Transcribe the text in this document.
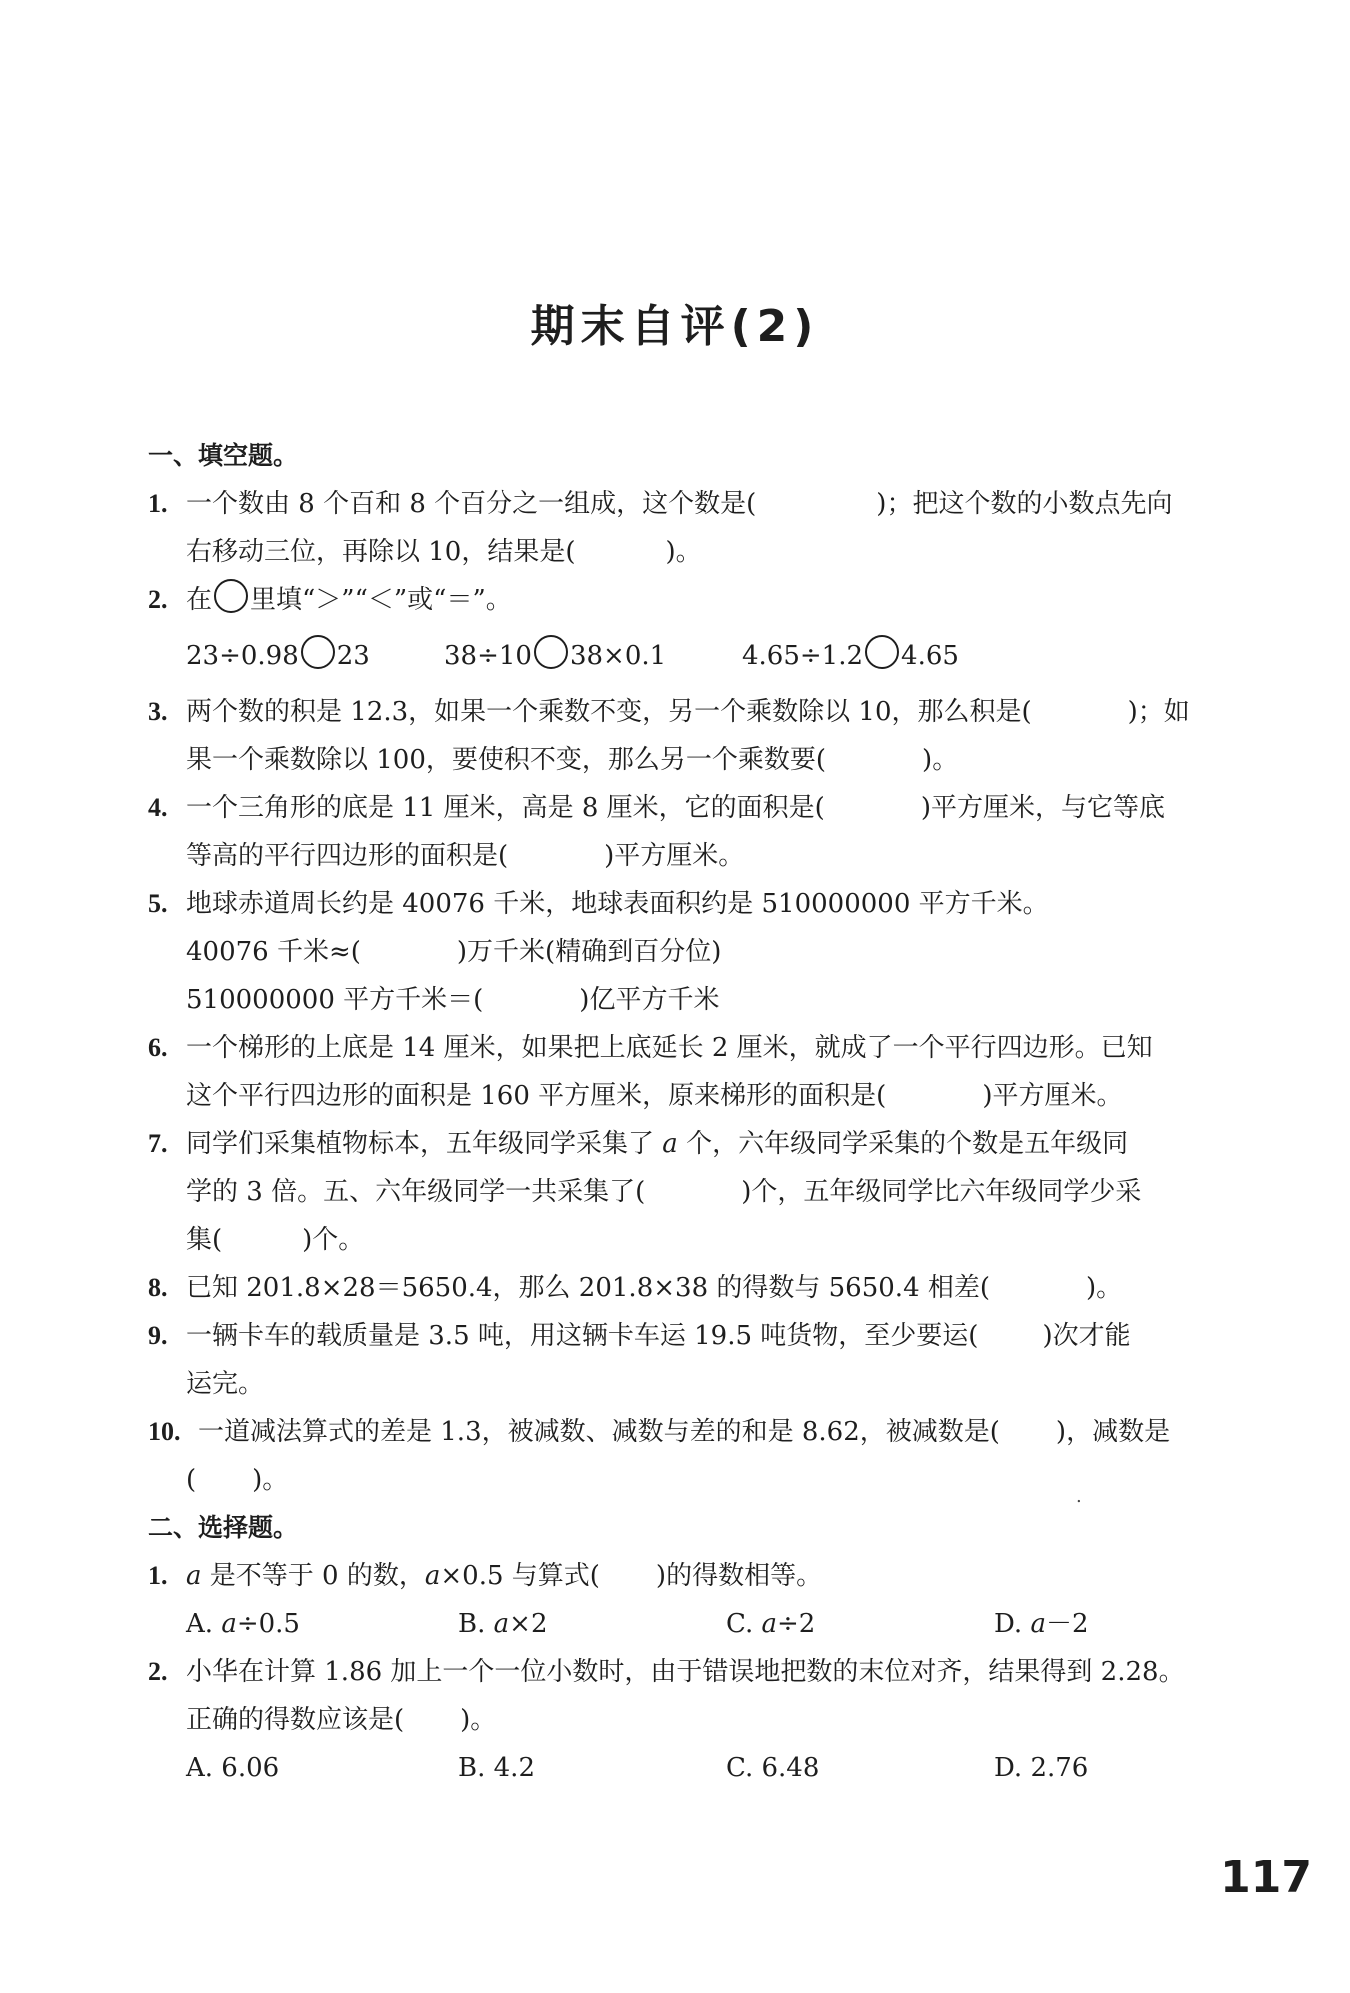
期末自评(2)
一、填空题。
1. 一个数由 8 个百和 8 个百分之一组成，这个数是(	)；把这个数的小数点先向
右移动三位，再除以 10，结果是(	)。
2. 在 里填“＞”“＜”或“＝”。
23÷0.98 23	38÷10 38×0.1	4.65÷1.2 4.65
3. 两个数的积是 12.3，如果一个乘数不变，另一个乘数除以 10，那么积是(	)；如
果一个乘数除以 100，要使积不变，那么另一个乘数要(	)。
4. 一个三角形的底是 11 厘米，高是 8 厘米，它的面积是(	)平方厘米，与它等底
等高的平行四边形的面积是(	)平方厘米。
5. 地球赤道周长约是 40076 千米，地球表面积约是 510000000 平方千米。
40076 千米≈(	)万千米(精确到百分位)
510000000 平方千米＝(	)亿平方千米
6. 一个梯形的上底是 14 厘米，如果把上底延长 2 厘米，就成了一个平行四边形。已知
这个平行四边形的面积是 160 平方厘米，原来梯形的面积是(	)平方厘米。
7. 同学们采集植物标本，五年级同学采集了 a 个，六年级同学采集的个数是五年级同
学的 3 倍。五、六年级同学一共采集了(	)个，五年级同学比六年级同学少采
集(	)个。
8. 已知 201.8×28＝5650.4，那么 201.8×38 的得数与 5650.4 相差(	)。
9. 一辆卡车的载质量是 3.5 吨，用这辆卡车运 19.5 吨货物，至少要运( )次才能
运完。
10. 一道减法算式的差是 1.3，被减数、减数与差的和是 8.62，被减数是( )，减数是
( )。
二、选择题。
1. a 是不等于 0 的数，a×0.5 与算式( )的得数相等。
A. a÷0.5	B. a×2	C. a÷2	D. a－2
2. 小华在计算 1.86 加上一个一位小数时，由于错误地把数的末位对齐，结果得到 2.28。
正确的得数应该是( )。
A. 6.06	B. 4.2	C. 6.48	D. 2.76
.
117
